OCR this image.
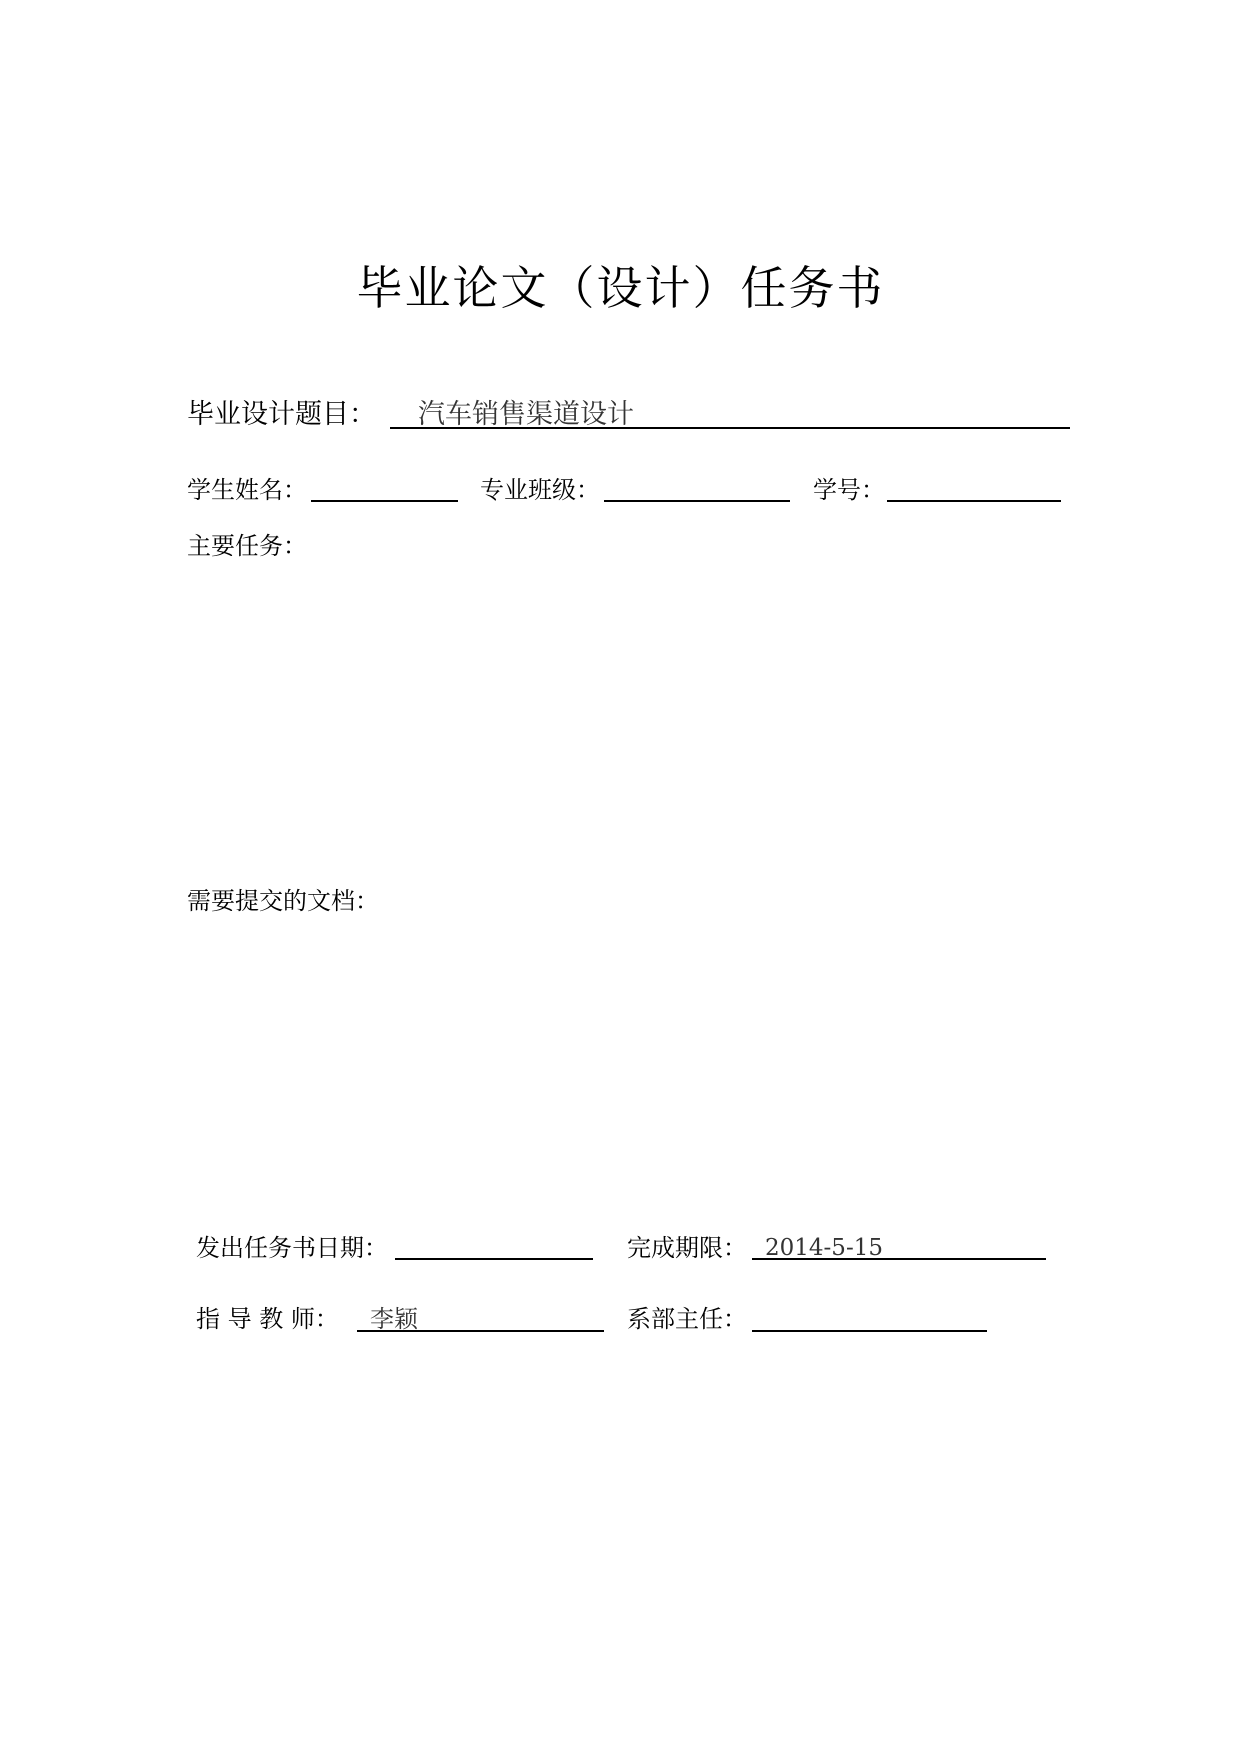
毕业论文（设计）任务书
毕业设计题目： 汽车销售渠道设计
学生姓名：	专业班级：	学号：
主要任务：
需要提交的文档：
发出任务书日期：	完成期限： 2014-5-15
指 导 教 师： 李颖	系部主任：
